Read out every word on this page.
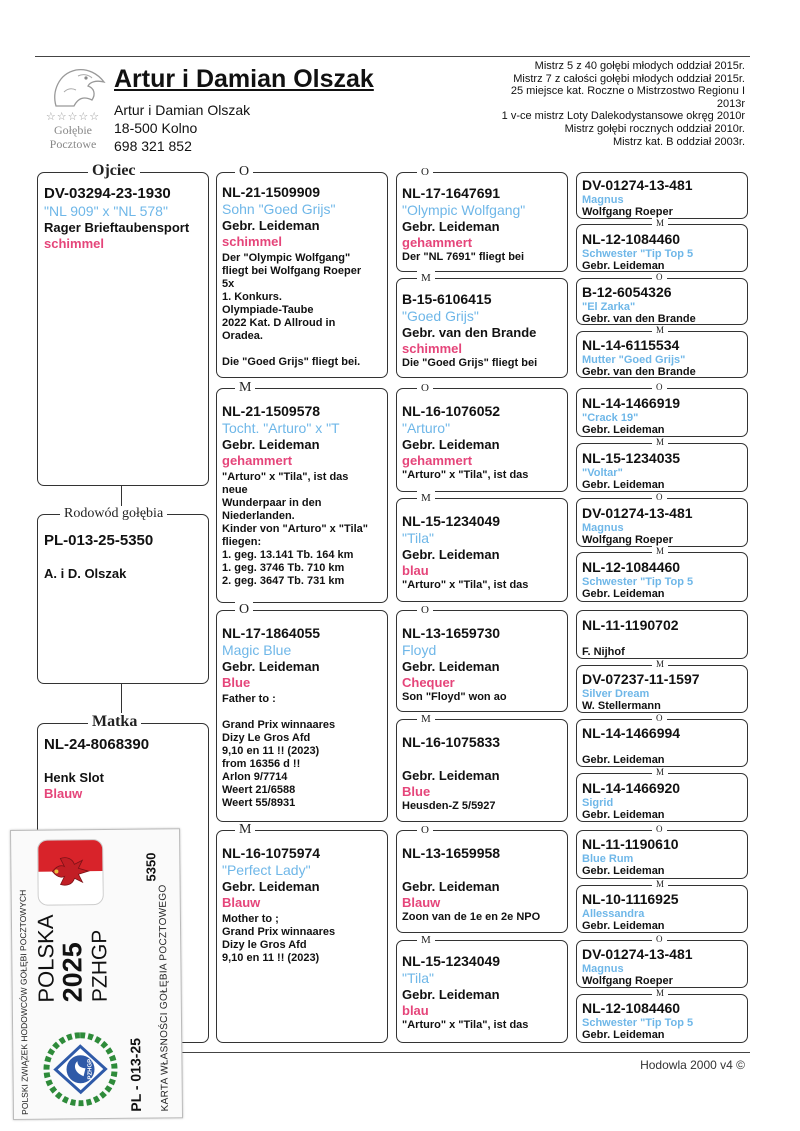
☆☆☆☆☆
Gołębie
Pocztowe
Artur i Damian Olszak
Artur i Damian Olszak
18-500 Kolno
698 321 852
Mistrz 5 z 40 gołębi młodych oddział 2015r.
Mistrz 7 z całości gołębi młodych oddział 2015r.
25 miejsce kat. Roczne o Mistrzostwo Regionu I
2013r
1 v-ce mistrz Loty Dalekodystansowe okręg 2010r
Mistrz gołębi rocznych oddział 2010r.
Mistrz kat. B oddział 2003r.
Ojciec
DV-03294-23-1930
"NL 909" x "NL 578"
Rager Brieftaubensport
schimmel
Rodowód gołębia
PL-013-25-5350
A. i D. Olszak
Matka
NL-24-8068390
Henk Slot
Blauw
O
NL-21-1509909
Sohn "Goed Grijs"
Gebr. Leideman
schimmel
Der "Olympic Wolfgang"
fliegt bei Wolfgang Roeper
5x
1. Konkurs.
Olympiade-Taube
2022 Kat. D Allroud in
Oradea.

Die "Goed Grijs" fliegt bei.
M
NL-21-1509578
Tocht. "Arturo" x "T
Gebr. Leideman
gehammert
"Arturo" x "Tila", ist das
neue
Wunderpaar in den
Niederlanden.
Kinder von "Arturo" x "Tila"
fliegen:
1. geg. 13.141 Tb. 164 km
1. geg. 3746 Tb. 710 km
2. geg. 3647 Tb. 731 km
O
NL-17-1864055
Magic Blue
Gebr. Leideman
Blue
Father to :

Grand Prix winnaares
Dizy Le Gros Afd
9,10 en 11 !! (2023)
from 16356 d !!
Arlon 9/7714
Weert 21/6588
Weert 55/8931
M
NL-16-1075974
"Perfect Lady"
Gebr. Leideman
Blauw
Mother to ;
Grand Prix winnaares
Dizy le Gros Afd
9,10 en 11 !! (2023)
O
NL-17-1647691
"Olympic Wolfgang"
Gebr. Leideman
gehammert
Der "NL 7691" fliegt bei
M
B-15-6106415
"Goed Grijs"
Gebr. van den Brande
schimmel
Die "Goed Grijs" fliegt bei
O
NL-16-1076052
"Arturo"
Gebr. Leideman
gehammert
"Arturo" x "Tila", ist das
M
NL-15-1234049
"Tila"
Gebr. Leideman
blau
"Arturo" x "Tila", ist das
O
NL-13-1659730
Floyd
Gebr. Leideman
Chequer
Son "Floyd" won ao
M
NL-16-1075833
Gebr. Leideman
Blue
Heusden-Z 5/5927
O
NL-13-1659958
Gebr. Leideman
Blauw
Zoon van de 1e en 2e NPO
M
NL-15-1234049
"Tila"
Gebr. Leideman
blau
"Arturo" x "Tila", ist das
DV-01274-13-481
Magnus
Wolfgang Roeper
M
NL-12-1084460
Schwester "Tip Top 5
Gebr. Leideman
O
B-12-6054326
"El Zarka"
Gebr. van den Brande
M
NL-14-6115534
Mutter "Goed Grijs"
Gebr. van den Brande
O
NL-14-1466919
"Crack 19"
Gebr. Leideman
M
NL-15-1234035
"Voltar"
Gebr. Leideman
O
DV-01274-13-481
Magnus
Wolfgang Roeper
M
NL-12-1084460
Schwester "Tip Top 5
Gebr. Leideman
NL-11-1190702
F. Nijhof
M
DV-07237-11-1597
Silver Dream
W. Stellermann
O
NL-14-1466994
Gebr. Leideman
M
NL-14-1466920
Sigrid
Gebr. Leideman
O
NL-11-1190610
Blue Rum
Gebr. Leideman
M
NL-10-1116925
Allessandra
Gebr. Leideman
O
DV-01274-13-481
Magnus
Wolfgang Roeper
M
NL-12-1084460
Schwester "Tip Top 5
Gebr. Leideman
Hodowla 2000 v4 ©
POLSKI ZWIĄZEK HODOWCÓW GOŁĘBI POCZTOWYCH POLSKA
2025 PZHGP
5350
PL - 013-25 KARTA WŁASNOŚCI GOŁĘBIA POCZTOWEGO
PZHGP
